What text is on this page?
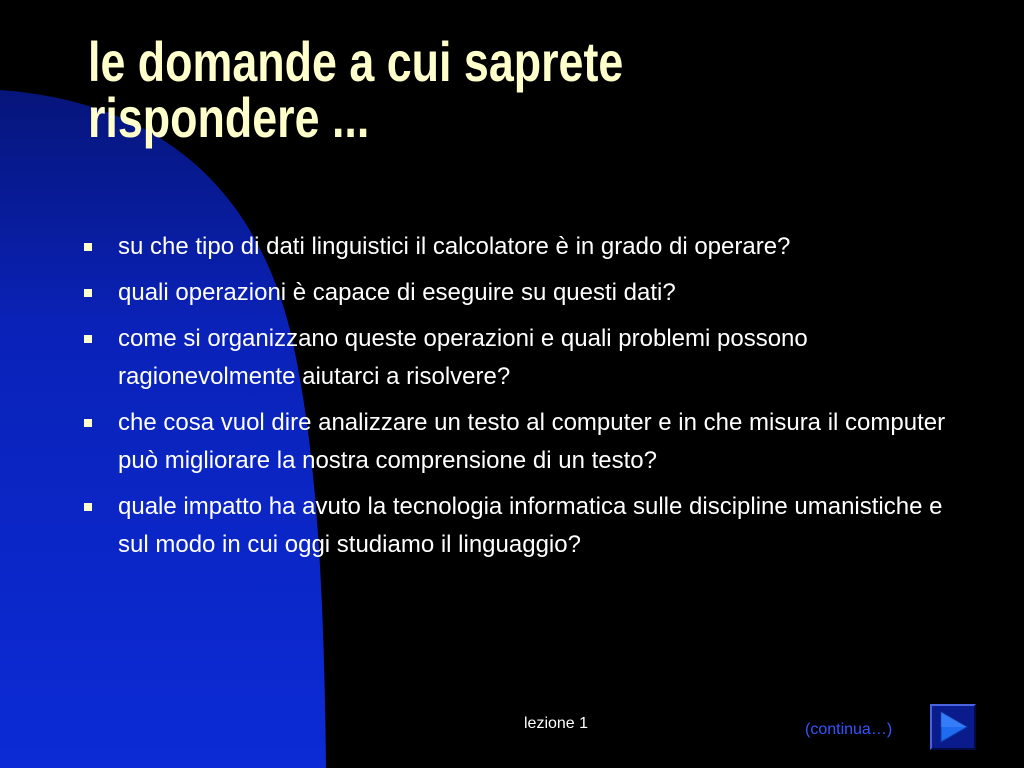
le domande a cui saprete
rispondere ...
su che tipo di dati linguistici il calcolatore è in grado di operare?
quali operazioni è capace di eseguire su questi dati?
come si organizzano queste operazioni e quali problemi possono ragionevolmente aiutarci a risolvere?
che cosa vuol dire analizzare un testo al computer e in che misura il computer può migliorare la nostra comprensione di un testo?
quale impatto ha avuto la tecnologia informatica sulle discipline umanistiche e sul modo in cui oggi studiamo il linguaggio?
lezione 1	(continua…)
